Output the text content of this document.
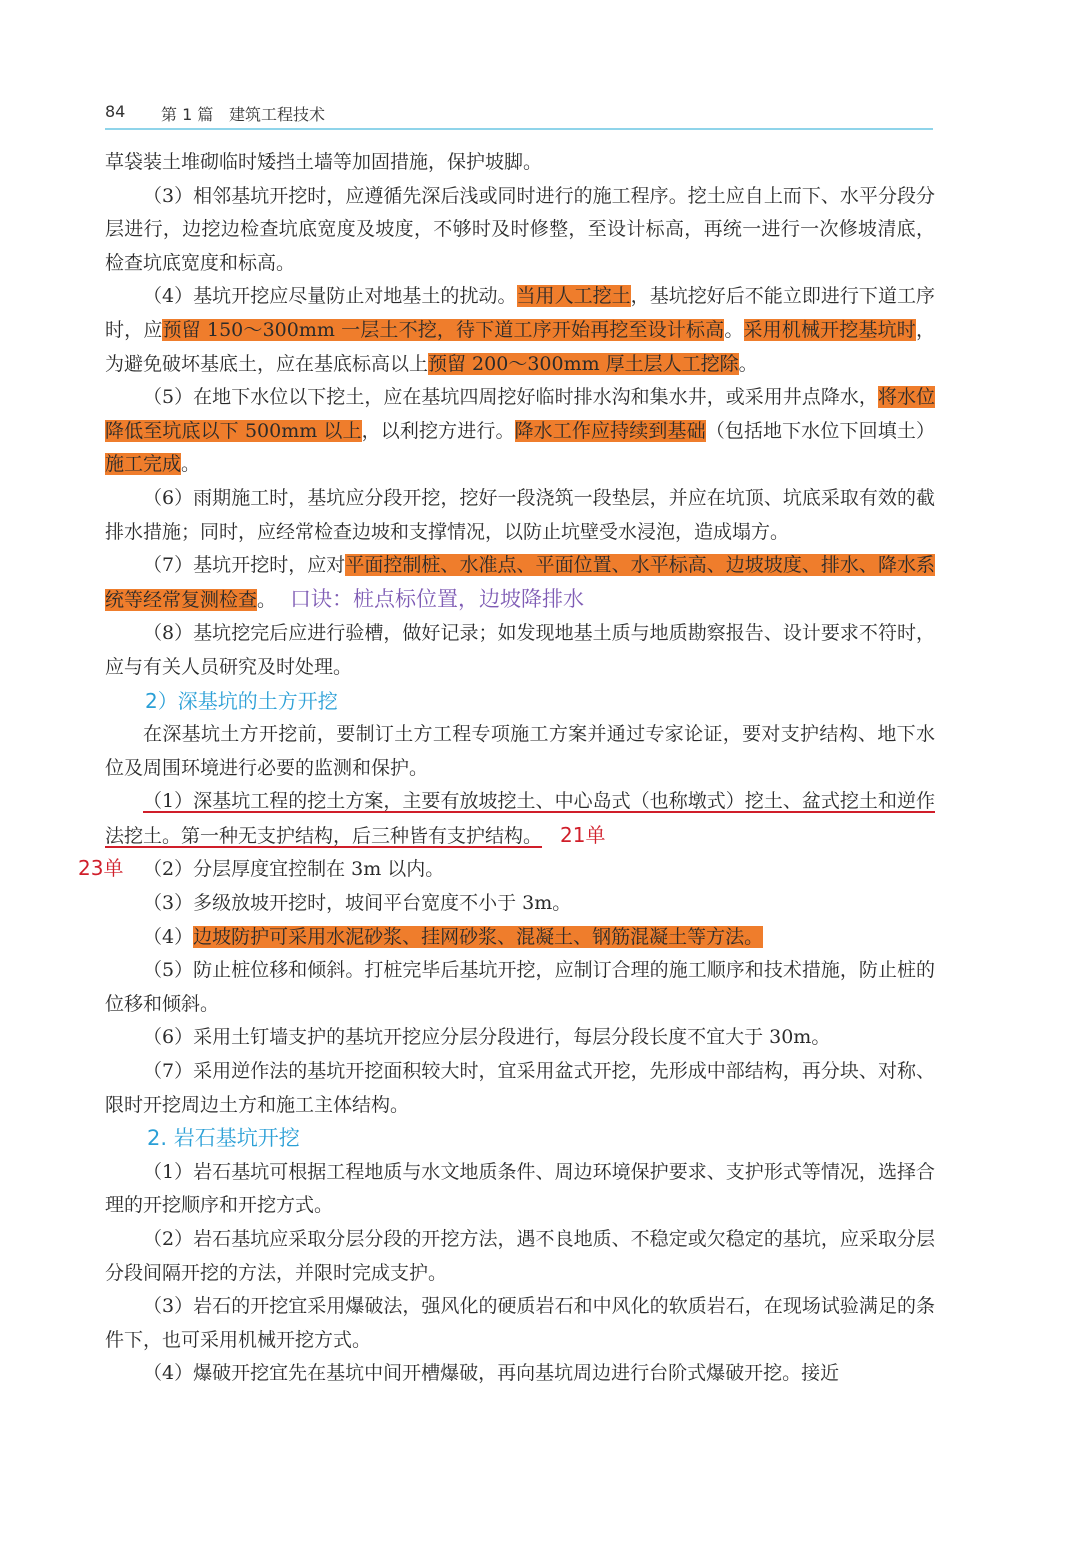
84 第 1 篇 建筑工程技术
23单

草袋装土堆砌临时矮挡土墙等加固措施，保护坡脚。

（3）相邻基坑开挖时，应遵循先深后浅或同时进行的施工程序。挖土应自上而下、水平分段分层进行，边挖边检查坑底宽度及坡度，不够时及时修整，至设计标高，再统一进行一次修坡清底，检查坑底宽度和标高。

（4）基坑开挖应尽量防止对地基土的扰动。当用人工挖土，基坑挖好后不能立即进行下道工序时，应预留 150～300mm 一层土不挖，待下道工序开始再挖至设计标高。采用机械开挖基坑时，为避免破坏基底土，应在基底标高以上预留 200～300mm 厚土层人工挖除。

（5）在地下水位以下挖土，应在基坑四周挖好临时排水沟和集水井，或采用井点降水，将水位降低至坑底以下 500mm 以上，以利挖方进行。降水工作应持续到基础（包括地下水位下回填土）施工完成。

（6）雨期施工时，基坑应分段开挖，挖好一段浇筑一段垫层，并应在坑顶、坑底采取有效的截排水措施；同时，应经常检查边坡和支撑情况，以防止坑壁受水浸泡，造成塌方。

（7）基坑开挖时，应对平面控制桩、水准点、平面位置、水平标高、边坡坡度、排水、降水系统等经常复测检查。 口诀：桩点标位置，边坡降排水

（8）基坑挖完后应进行验槽，做好记录；如发现地基土质与地质勘察报告、设计要求不符时，应与有关人员研究及时处理。

2）深基坑的土方开挖

在深基坑土方开挖前，要制订土方工程专项施工方案并通过专家论证，要对支护结构、地下水位及周围环境进行必要的监测和保护。

（1）深基坑工程的挖土方案，主要有放坡挖土、中心岛式（也称墩式）挖土、盆式挖土和逆作法挖土。第一种无支护结构，后三种皆有支护结构。 21单

（2）分层厚度宜控制在 3m 以内。

（3）多级放坡开挖时，坡间平台宽度不小于 3m。

（4）边坡防护可采用水泥砂浆、挂网砂浆、混凝土、钢筋混凝土等方法。

（5）防止桩位移和倾斜。打桩完毕后基坑开挖，应制订合理的施工顺序和技术措施，防止桩的位移和倾斜。

（6）采用土钉墙支护的基坑开挖应分层分段进行，每层分段长度不宜大于 30m。

（7）采用逆作法的基坑开挖面积较大时，宜采用盆式开挖，先形成中部结构，再分块、对称、限时开挖周边土方和施工主体结构。

2. 岩石基坑开挖

（1）岩石基坑可根据工程地质与水文地质条件、周边环境保护要求、支护形式等情况，选择合理的开挖顺序和开挖方式。

（2）岩石基坑应采取分层分段的开挖方法，遇不良地质、不稳定或欠稳定的基坑，应采取分层分段间隔开挖的方法，并限时完成支护。

（3）岩石的开挖宜采用爆破法，强风化的硬质岩石和中风化的软质岩石，在现场试验满足的条件下，也可采用机械开挖方式。

（4）爆破开挖宜先在基坑中间开槽爆破，再向基坑周边进行台阶式爆破开挖。接近
